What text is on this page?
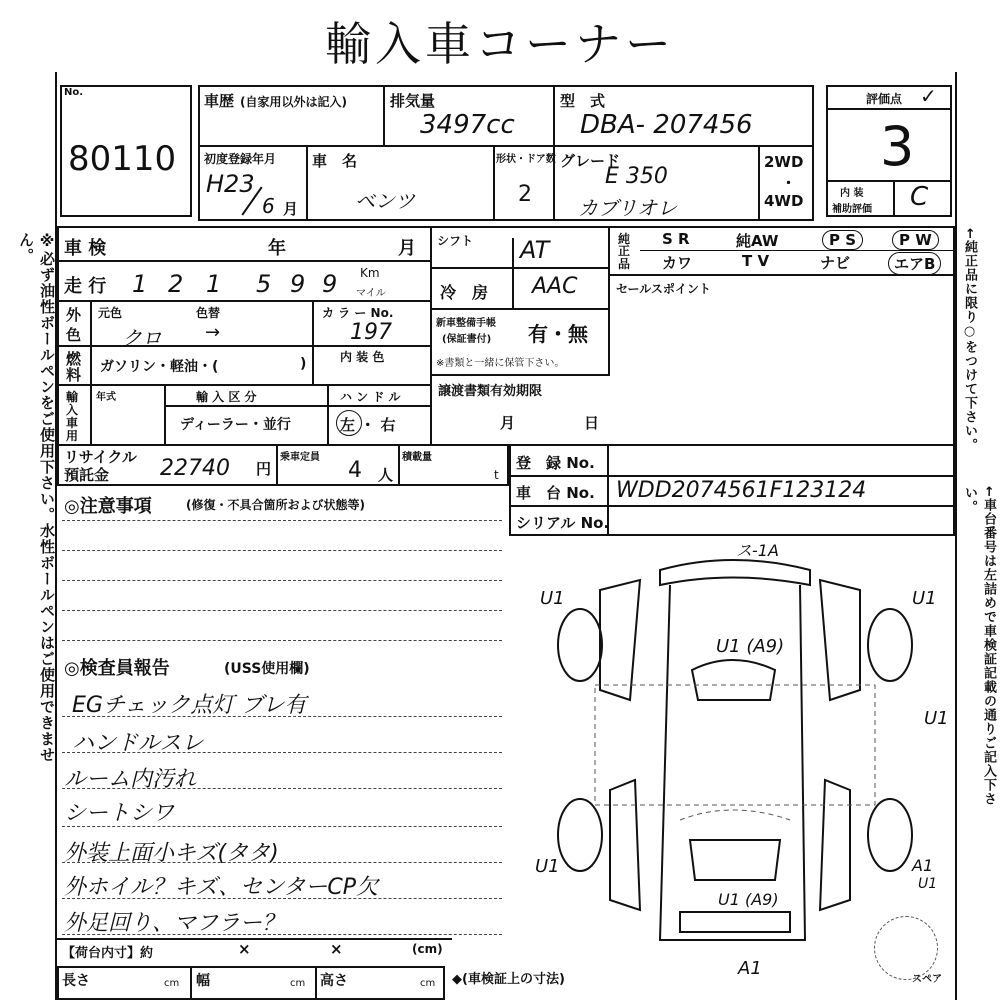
輸入車コーナー
No.
80110
車歴 (自家用以外は記入)	排気量
3497cc
型　式
DBA- 207456
初度登録年月
H23
6 月
車　名
ベンツ
形状・ドア数
2
グレード
E 350
カブリオレ
2WD
・
4WD
評価点 ✓
3
内 装
補助評価 C
車 検	年	月
走 行 1 2 1 5 9 9 Km
マイル
シフト AT
冷　房 AAC
純
正
品
S R	純AW	P S	P W
カワ	T V	ナビ	エアB
セールスポイント
外
色
元色	色替
クロ →
カ ラ ー No.
197	新車整備手帳
(保証書付) 有・無
※書類と一緒に保管下さい。
燃
料 ガソリン・軽油・(	)	内 装 色
譲渡書類有効期限
月	日
輸
入
車
用
年式	輸 入 区 分
ディーラー・並行
ハ ン ド ル
左 ・ 右
リサイクル
預託金 22740 円
乗車定員
4 人
積載量
t
登　録 No.
車　台 No. WDD2074561F123124
シリアル No.
◎注意事項	(修復・不具合箇所および状態等)
◎検査員報告	(USS使用欄)
EGチェック点灯 ブレ有
ハンドルスレ
ルーム内汚れ
シートシワ
外装上面小キズ(タタ)
外ホイル？キズ、センターCP欠
外足回り、マフラー？
【荷台内寸】約	×	×	(cm)
長さ	cm 幅	cm 高さ	cm ◆(車検証上の寸法)	スペア
ス-1A
U1	U1
U1 (A9)
U1
U1	A1
U1
U1 (A9)
A1
※必ず油性ボールペンをご使用下さい。水性ボールペンはご使用できません。	←純正品に限り○をつけて下さい。
←車台番号は左詰めで車検証記載の通りご記入下さい。
